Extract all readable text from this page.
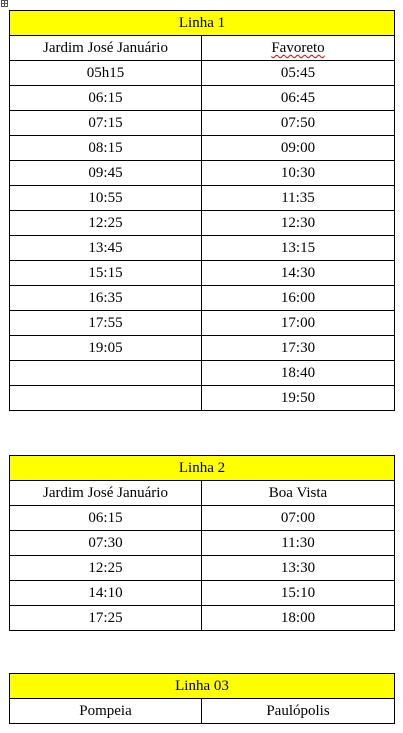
Linha 1	
Jardim José Januário	Favoreto
05h15	05:45
06:15	06:45
07:15	07:50
08:15	09:00
09:45	10:30
10:55	11:35
12:25	12:30
13:45	13:15
15:15	14:30
16:35	16:00
17:55	17:00
19:05	17:30
	18:40
	19:50
Linha 2	
Jardim José Januário	Boa Vista
06:15	07:00
07:30	11:30
12:25	13:30
14:10	15:10
17:25	18:00
Linha 03
Pompeia	Paulópolis
